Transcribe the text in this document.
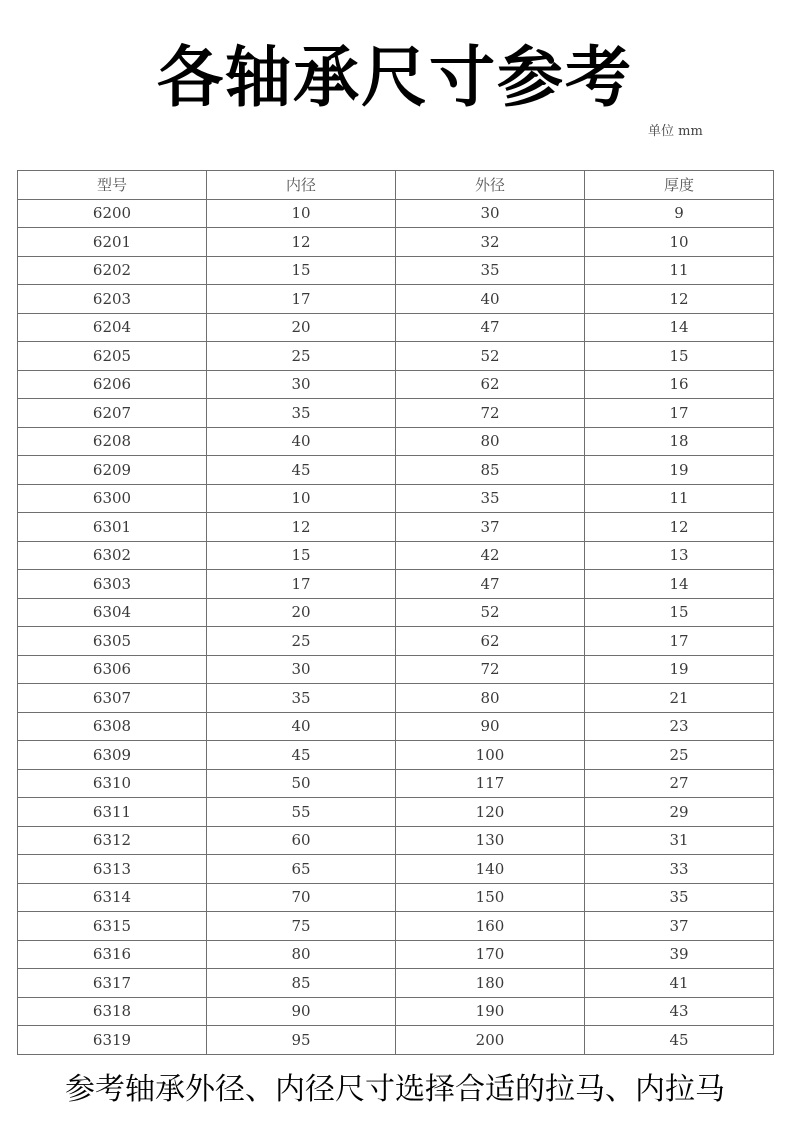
各轴承尺寸参考
单位 mm
型号	内径	外径	厚度
6200	10	30	9
6201	12	32	10
6202	15	35	11
6203	17	40	12
6204	20	47	14
6205	25	52	15
6206	30	62	16
6207	35	72	17
6208	40	80	18
6209	45	85	19
6300	10	35	11
6301	12	37	12
6302	15	42	13
6303	17	47	14
6304	20	52	15
6305	25	62	17
6306	30	72	19
6307	35	80	21
6308	40	90	23
6309	45	100	25
6310	50	117	27
6311	55	120	29
6312	60	130	31
6313	65	140	33
6314	70	150	35
6315	75	160	37
6316	80	170	39
6317	85	180	41
6318	90	190	43
6319	95	200	45
参考轴承外径、内径尺寸选择合适的拉马、内拉马
